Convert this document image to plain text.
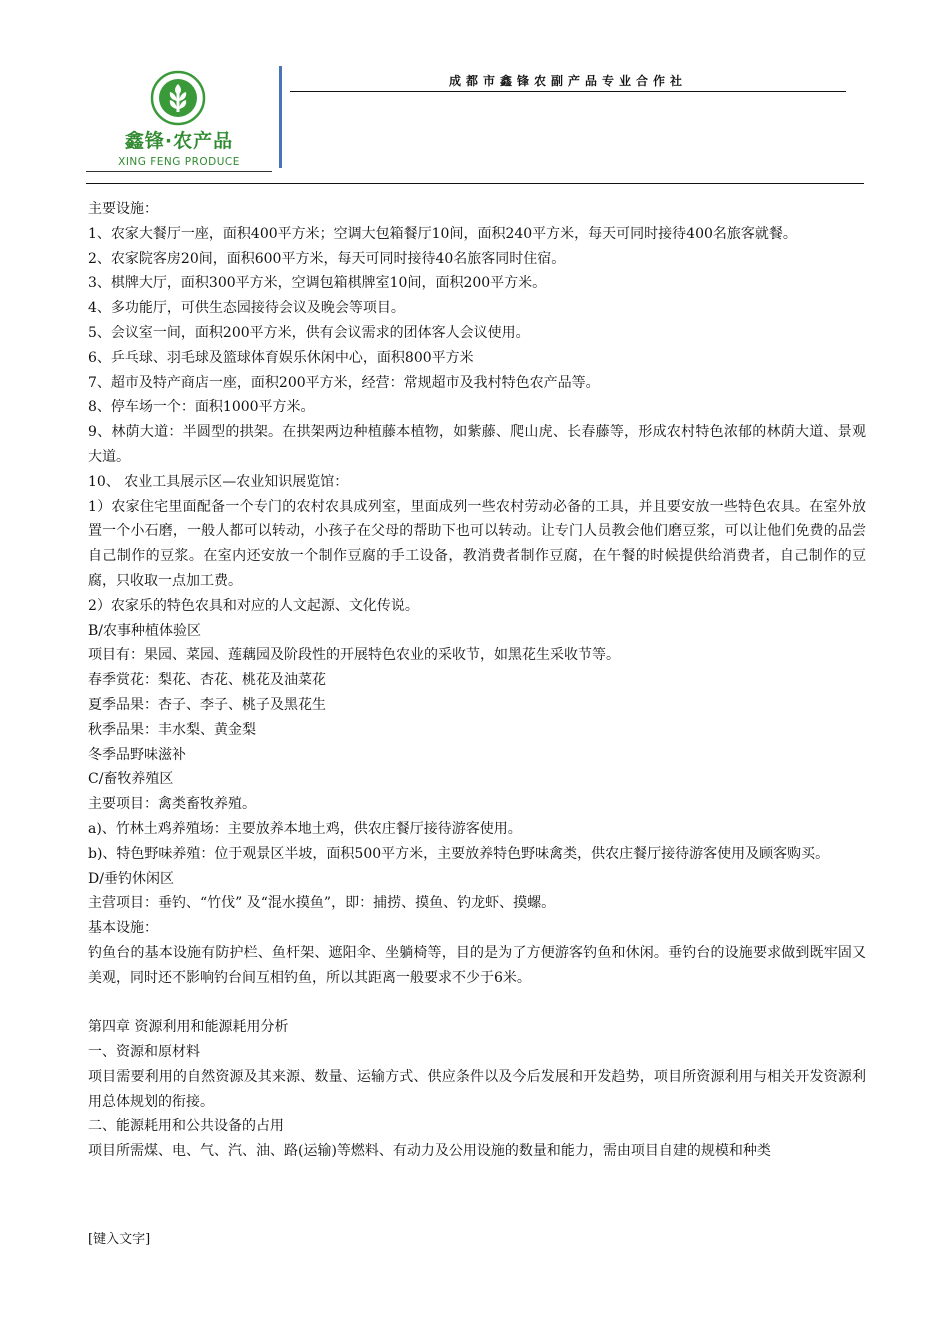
鑫锋·农产品
XING FENG PRODUCE
成都市鑫锋农副产品专业合作社

主要设施：

1、农家大餐厅一座，面积400平方米；空调大包箱餐厅10间，面积240平方米，每天可同时接待400名旅客就餐。

2、农家院客房20间，面积600平方米，每天可同时接待40名旅客同时住宿。

3、棋牌大厅，面积300平方米，空调包箱棋牌室10间，面积200平方米。

4、多功能厅，可供生态园接待会议及晚会等项目。

5、会议室一间，面积200平方米，供有会议需求的团体客人会议使用。

6、乒乓球、羽毛球及篮球体育娱乐休闲中心，面积800平方米

7、超市及特产商店一座，面积200平方米，经营：常规超市及我村特色农产品等。

8、停车场一个：面积1000平方米。

9、林荫大道：半圆型的拱架。在拱架两边种植藤本植物，如紫藤、爬山虎、长春藤等，形成农村特色浓郁的林荫大道、景观大道。

10、 农业工具展示区—农业知识展览馆：

1）农家住宅里面配备一个专门的农村农具成列室，里面成列一些农村劳动必备的工具，并且要安放一些特色农具。在室外放置一个小石磨，一般人都可以转动，小孩子在父母的帮助下也可以转动。让专门人员教会他们磨豆浆，可以让他们免费的品尝自己制作的豆浆。在室内还安放一个制作豆腐的手工设备，教消费者制作豆腐，在午餐的时候提供给消费者，自己制作的豆腐，只收取一点加工费。

2）农家乐的特色农具和对应的人文起源、文化传说。

B/农事种植体验区

项目有：果园、菜园、莲藕园及阶段性的开展特色农业的采收节，如黑花生采收节等。

春季赏花：梨花、杏花、桃花及油菜花

夏季品果：杏子、李子、桃子及黑花生

秋季品果：丰水梨、黄金梨

冬季品野味滋补

C/畜牧养殖区

主要项目：禽类畜牧养殖。

a)、竹林土鸡养殖场：主要放养本地土鸡，供农庄餐厅接待游客使用。

b)、特色野味养殖：位于观景区半坡，面积500平方米，主要放养特色野味禽类，供农庄餐厅接待游客使用及顾客购买。

D/垂钓休闲区

主营项目：垂钓、“竹伐” 及“混水摸鱼”，即：捕捞、摸鱼、钓龙虾、摸螺。

基本设施：

钓鱼台的基本设施有防护栏、鱼杆架、遮阳伞、坐躺椅等，目的是为了方便游客钓鱼和休闲。垂钓台的设施要求做到既牢固又美观，同时还不影响钓台间互相钓鱼，所以其距离一般要求不少于6米。

第四章 资源利用和能源耗用分析

一、资源和原材料

项目需要利用的自然资源及其来源、数量、运输方式、供应条件以及今后发展和开发趋势，项目所资源利用与相关开发资源利用总体规划的衔接。

二、能源耗用和公共设备的占用

项目所需煤、电、气、汽、油、路(运输)等燃料、有动力及公用设施的数量和能力，需由项目自建的规模和种类

[键入文字]
